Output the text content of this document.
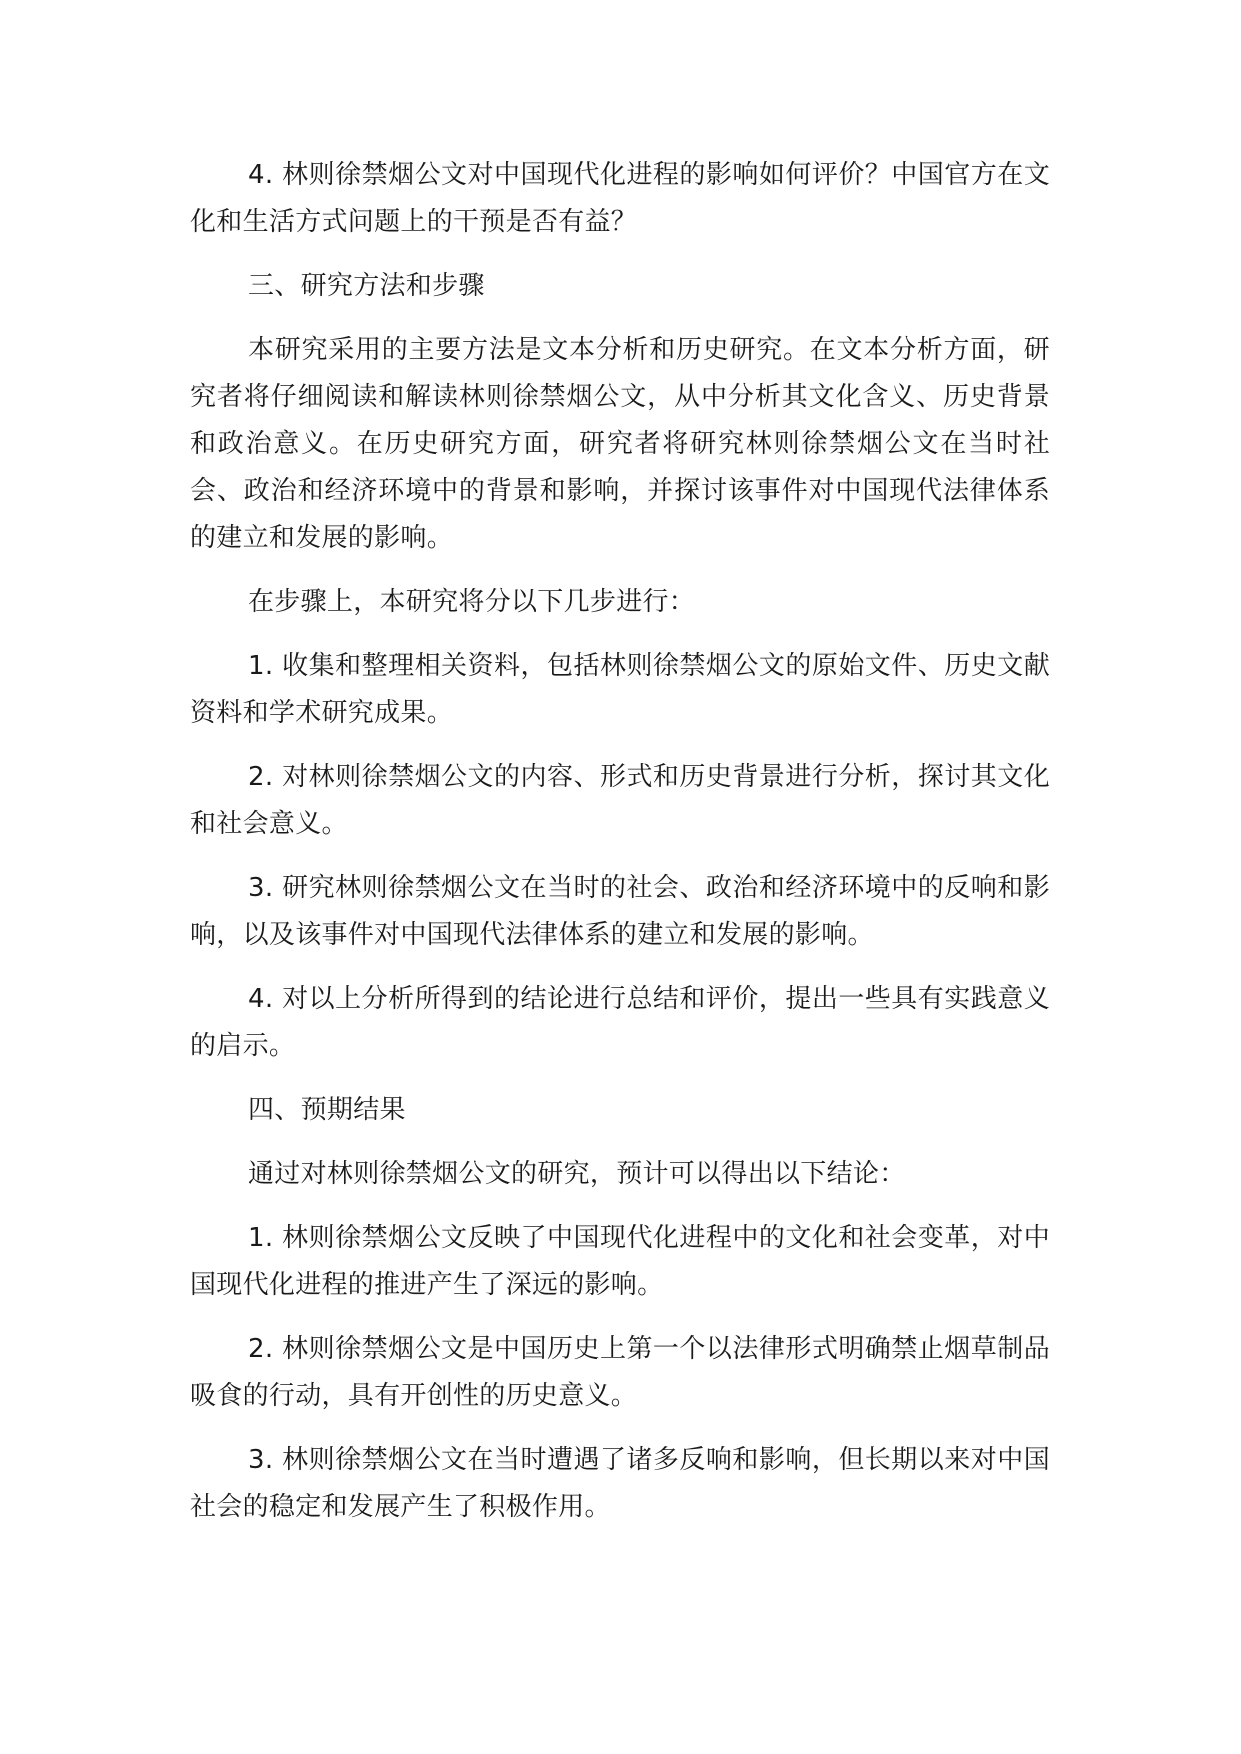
4. 林则徐禁烟公文对中国现代化进程的影响如何评价？中国官方在文化和生活方式问题上的干预是否有益？

三、研究方法和步骤

本研究采用的主要方法是文本分析和历史研究。在文本分析方面，研究者将仔细阅读和解读林则徐禁烟公文，从中分析其文化含义、历史背景和政治意义。在历史研究方面，研究者将研究林则徐禁烟公文在当时社会、政治和经济环境中的背景和影响，并探讨该事件对中国现代法律体系的建立和发展的影响。

在步骤上，本研究将分以下几步进行：

1. 收集和整理相关资料，包括林则徐禁烟公文的原始文件、历史文献资料和学术研究成果。

2. 对林则徐禁烟公文的内容、形式和历史背景进行分析，探讨其文化和社会意义。

3. 研究林则徐禁烟公文在当时的社会、政治和经济环境中的反响和影响，以及该事件对中国现代法律体系的建立和发展的影响。

4. 对以上分析所得到的结论进行总结和评价，提出一些具有实践意义的启示。

四、预期结果

通过对林则徐禁烟公文的研究，预计可以得出以下结论：

1. 林则徐禁烟公文反映了中国现代化进程中的文化和社会变革，对中国现代化进程的推进产生了深远的影响。

2. 林则徐禁烟公文是中国历史上第一个以法律形式明确禁止烟草制品吸食的行动，具有开创性的历史意义。

3. 林则徐禁烟公文在当时遭遇了诸多反响和影响，但长期以来对中国社会的稳定和发展产生了积极作用。
